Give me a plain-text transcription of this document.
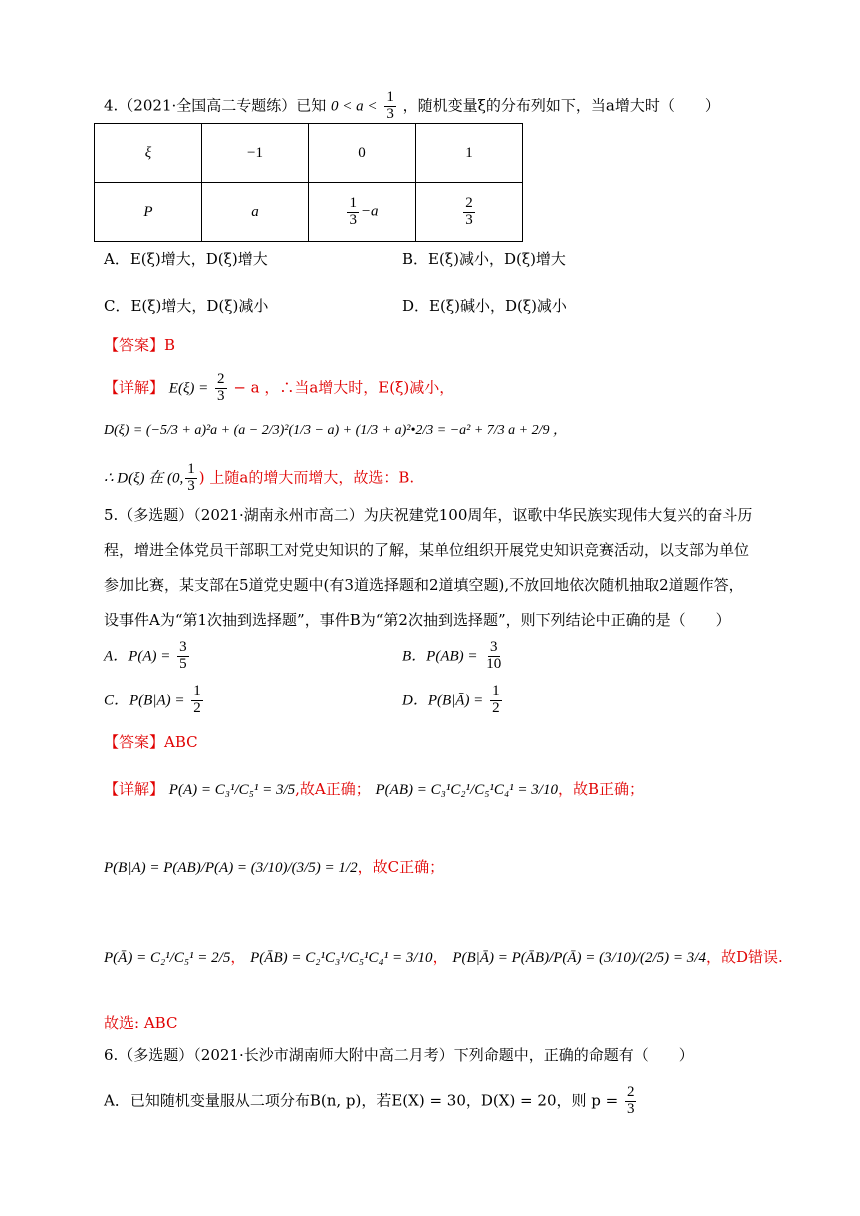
4.（2021·全国高二专题练）已知 $0 < a < \frac{1}{3}$ ，随机变量ξ的分布列如下，当a增大时（　　）
ξ	−1	0	1
P	a	$\frac{1}{3} -a$	$\frac{2}{3}$
A．E(ξ)增大，D(ξ)增大	B．E(ξ)减小，D(ξ)增大
C．E(ξ)增大，D(ξ)减小	D．E(ξ)碱小，D(ξ)减小
【答案】B
【详解】 $E(\xi) = \frac{2}{3} - a$ ，∴当a增大时，E(ξ)减小，
D(ξ) = (−5/3 + a)²a + (a − 2/3)²(1/3 − a) + (1/3 + a)²•2/3 = −a² + 7/3 a + 2/9 ，
∴ D(ξ) 在 (0, $\frac{1}{3}$ ) 上随a的增大而增大，故选：B.
5.（多选题）（2021·湖南永州市高二）为庆祝建党100周年，讴歌中华民族实现伟大复兴的奋斗历
程，增进全体党员干部职工对党史知识的了解，某单位组织开展党史知识竞赛活动，以支部为单位
参加比赛，某支部在5道党史题中(有3道选择题和2道填空题),不放回地依次随机抽取2道题作答，
设事件A为“第1次抽到选择题”，事件B为“第2次抽到选择题”，则下列结论中正确的是（　　）
A．$P(A) = \frac{3}{5}$	B．$P(AB) = \frac{3}{10}$
C．$P(B|A) = \frac{1}{2}$	D．P(B|Ā) = $\frac{1}{2}$
【答案】ABC
【详解】 P(A) = C₃¹/C₅¹ = 3/5,故A正确； P(AB) = C₃¹C₂¹/C₅¹C₄¹ = 3/10，故B正确；
P(B|A) = P(AB)/P(A) = (3/10)/(3/5) = 1/2，故C正确；
P(Ā) = C₂¹/C₅¹ = 2/5， P(ĀB) = C₂¹C₃¹/C₅¹C₄¹ = 3/10， P(B|Ā) = P(ĀB)/P(Ā) = (3/10)/(2/5) = 3/4，故D错误.
故选: ABC
6.（多选题）（2021·长沙市湖南师大附中高二月考）下列命题中，正确的命题有（　　）
A．已知随机变量服从二项分布B(n, p)，若E(X) = 30，D(X) = 20，则 $p = \frac{2}{3}$
